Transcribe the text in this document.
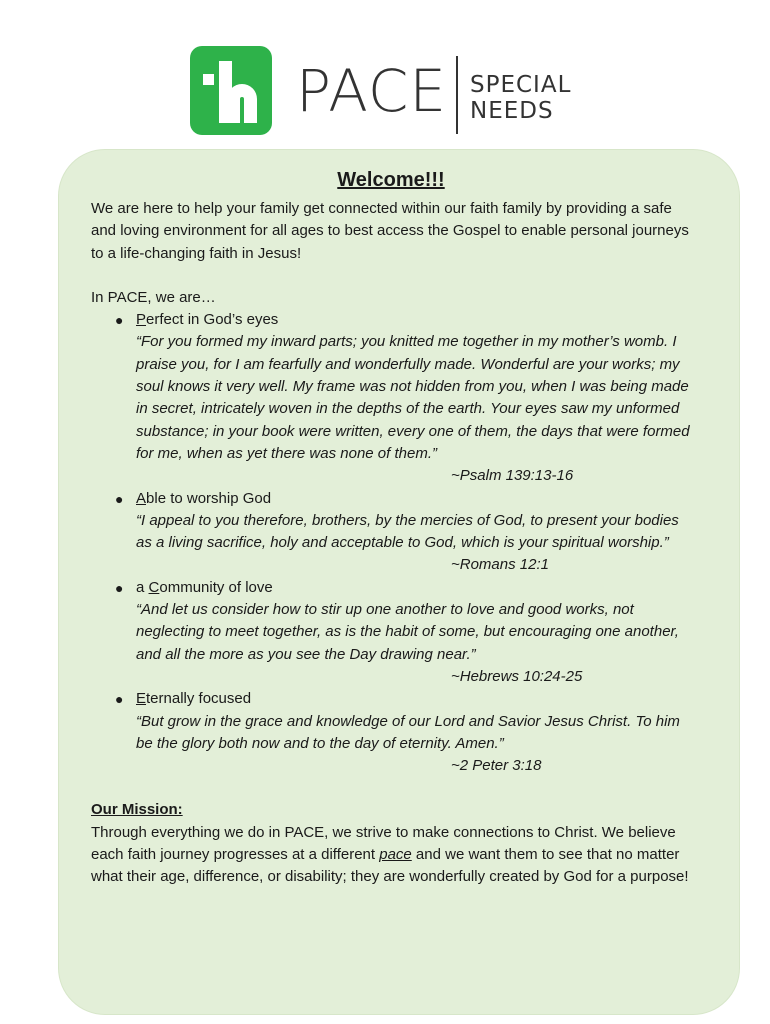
PACE SPECIAL
NEEDS
Welcome!!!

We are here to help your family get connected within our faith family by providing a safe and loving environment for all ages to best access the Gospel to enable personal journeys to a life-changing faith in Jesus!

In PACE, we are…

● Perfect in God’s eyes
“For you formed my inward parts; you knitted me together in my mother’s womb. I praise you, for I am fearfully and wonderfully made. Wonderful are your works; my soul knows it very well. My frame was not hidden from you, when I was being made in secret, intricately woven in the depths of the earth. Your eyes saw my unformed substance; in your book were written, every one of them, the days that were formed for me, when as yet there was none of them.”
~Psalm 139:13-16
● Able to worship God
“I appeal to you therefore, brothers, by the mercies of God, to present your bodies as a living sacrifice, holy and acceptable to God, which is your spiritual worship.”
~Romans 12:1
● a Community of love
“And let us consider how to stir up one another to love and good works, not neglecting to meet together, as is the habit of some, but encouraging one another, and all the more as you see the Day drawing near.”
~Hebrews 10:24-25
● Eternally focused
“But grow in the grace and knowledge of our Lord and Savior Jesus Christ. To him be the glory both now and to the day of eternity. Amen.”
~2 Peter 3:18
Our Mission:

Through everything we do in PACE, we strive to make connections to Christ. We believe each faith journey progresses at a different pace and we want them to see that no matter what their age, difference, or disability; they are wonderfully created by God for a purpose!
